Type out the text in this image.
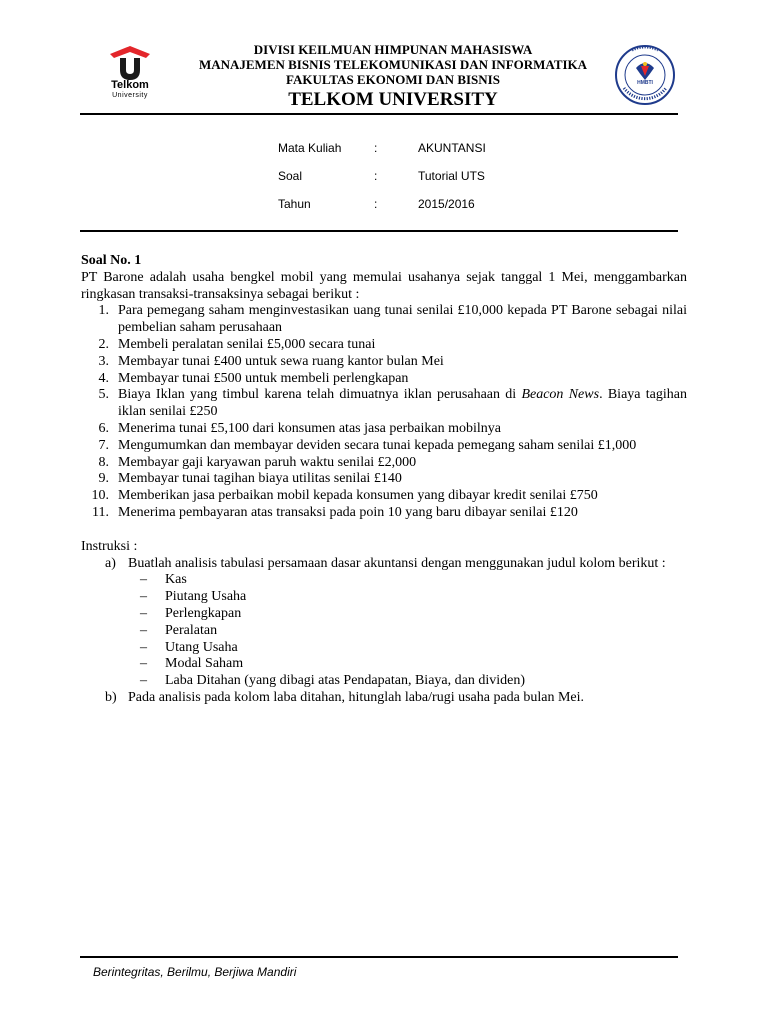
Telkom
University
DIVISI KEILMUAN HIMPUNAN MAHASISWA
MANAJEMEN BISNIS TELEKOMUNIKASI DAN INFORMATIKA
FAKULTAS EKONOMI DAN BISNIS
TELKOM UNIVERSITY
HMBTI
Mata Kuliah	:	AKUNTANSI
Soal	:	Tutorial UTS
Tahun	:	2015/2016
Soal No. 1
PT Barone adalah usaha bengkel mobil yang memulai usahanya sejak tanggal 1 Mei, menggambarkan ringkasan transaksi-transaksinya sebagai berikut :
1. Para pemegang saham menginvestasikan uang tunai senilai £10,000 kepada PT Barone sebagai nilai pembelian saham perusahaan
2. Membeli peralatan senilai £5,000 secara tunai
3. Membayar tunai £400 untuk sewa ruang kantor bulan Mei
4. Membayar tunai £500 untuk membeli perlengkapan
5. Biaya Iklan yang timbul karena telah dimuatnya iklan perusahaan di Beacon News. Biaya tagihan iklan senilai £250
6. Menerima tunai £5,100 dari konsumen atas jasa perbaikan mobilnya
7. Mengumumkan dan membayar deviden secara tunai kepada pemegang saham senilai £1,000
8. Membayar gaji karyawan paruh waktu senilai £2,000
9. Membayar tunai tagihan biaya utilitas senilai £140
10. Memberikan jasa perbaikan mobil kepada konsumen yang dibayar kredit senilai £750
11. Menerima pembayaran atas transaksi pada poin 10 yang baru dibayar senilai £120
Instruksi :
a) Buatlah analisis tabulasi persamaan dasar akuntansi dengan menggunakan judul kolom berikut :
– Kas
– Piutang Usaha
– Perlengkapan
– Peralatan
– Utang Usaha
– Modal Saham
– Laba Ditahan (yang dibagi atas Pendapatan, Biaya, dan dividen)
b) Pada analisis pada kolom laba ditahan, hitunglah laba/rugi usaha pada bulan Mei.
Berintegritas, Berilmu, Berjiwa Mandiri
